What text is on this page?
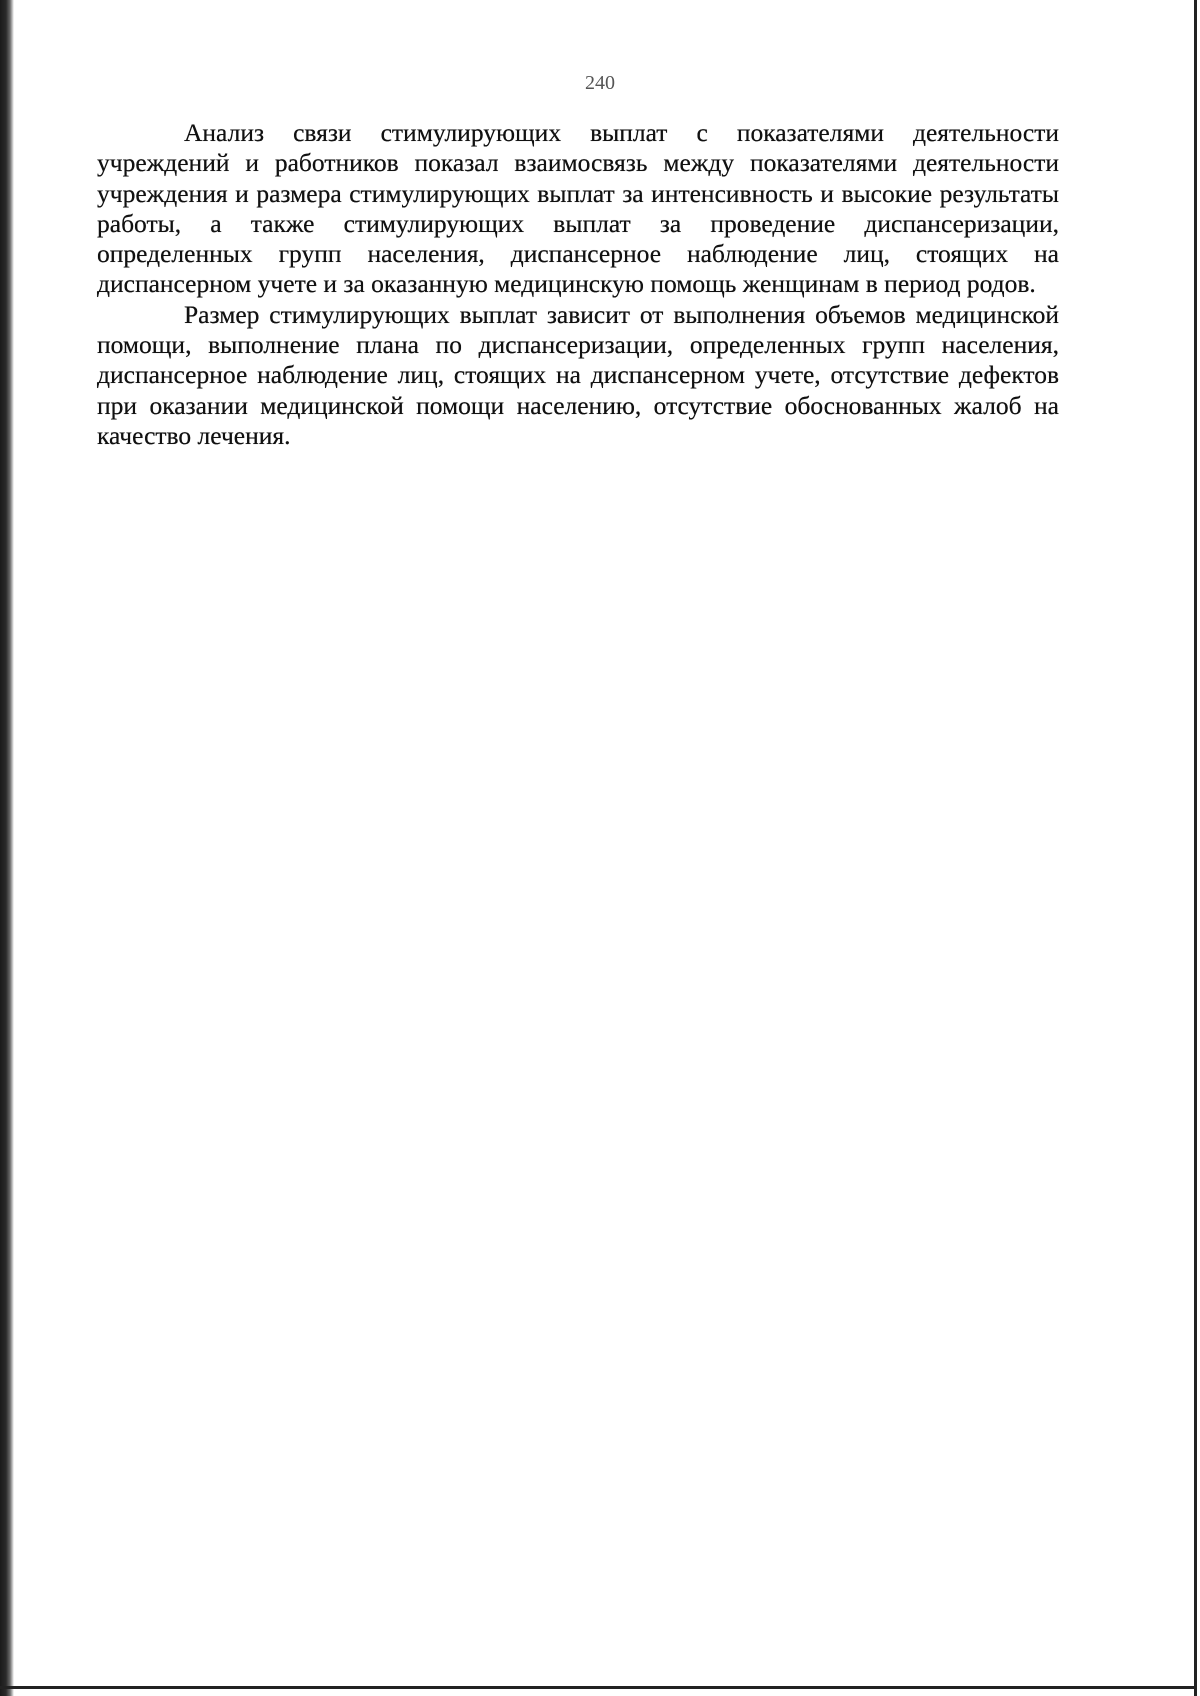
240

Анализ связи стимулирующих выплат с показателями деятельности учреждений и работников показал взаимосвязь между показателями деятельности учреждения и размера стимулирующих выплат за интенсивность и высокие результаты работы, а также стимулирующих выплат за проведение диспансеризации, определенных групп населения, диспансерное наблюдение лиц, стоящих на диспансерном учете и за оказанную медицинскую помощь женщинам в период родов.

Размер стимулирующих выплат зависит от выполнения объемов медицинской помощи, выполнение плана по диспансеризации, определенных групп населения, диспансерное наблюдение лиц, стоящих на диспансерном учете, отсутствие дефектов при оказании медицинской помощи населению, отсутствие обоснованных жалоб на качество лечения.
